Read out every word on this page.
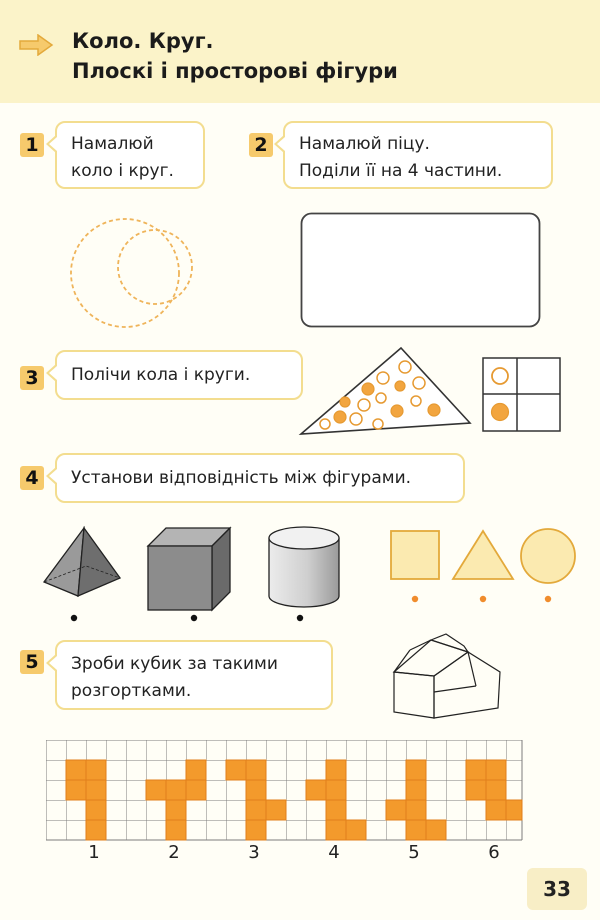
Коло. Круг.
Плоскі і просторові фігури
1	Намалюй
коло і круг.
2	Намалюй піцу.
Поділи її на 4 частини.
3	Полічи кола і круги.
4	Установи відповідність між фігурами.
5	Зроби кубик за такими
розгортками.
1	2	3	4	5	6
33
